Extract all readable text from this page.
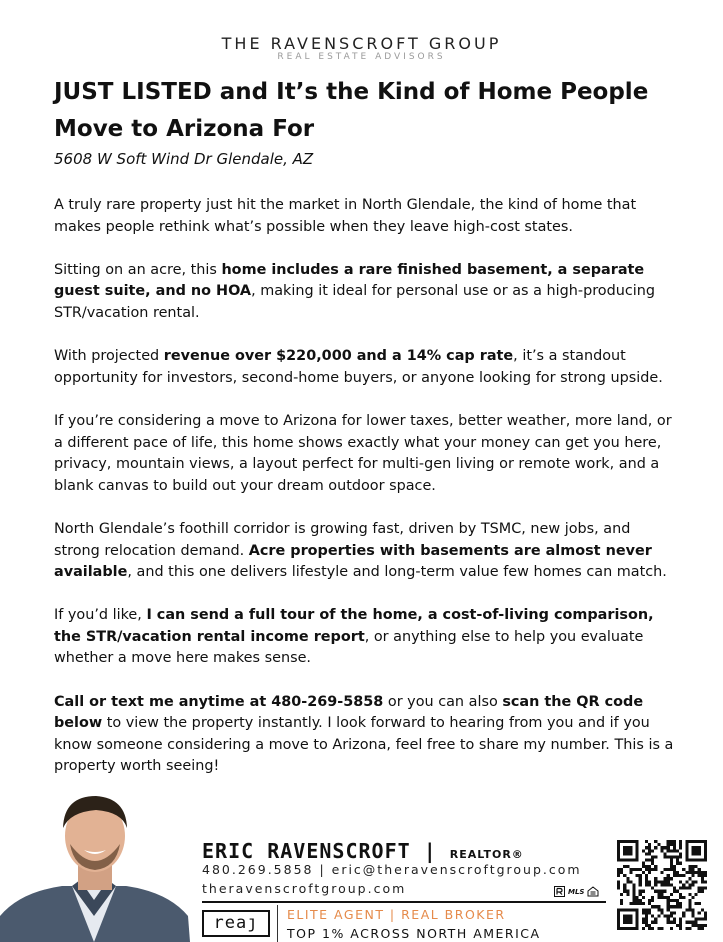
THE RAVENSCROFT GROUP
REAL ESTATE ADVISORS
JUST LISTED and It’s the Kind of Home People Move to Arizona For
5608 W Soft Wind Dr Glendale, AZ

A truly rare property just hit the market in North Glendale, the kind of home that makes people rethink what’s possible when they leave high-cost states.

Sitting on an acre, this home includes a rare finished basement, a separate guest suite, and no HOA, making it ideal for personal use or as a high-producing STR/vacation rental.

With projected revenue over $220,000 and a 14% cap rate, it’s a standout opportunity for investors, second-home buyers, or anyone looking for strong upside.

If you’re considering a move to Arizona for lower taxes, better weather, more land, or a different pace of life, this home shows exactly what your money can get you here, privacy, mountain views, a layout perfect for multi-gen living or remote work, and a blank canvas to build out your dream outdoor space.

North Glendale’s foothill corridor is growing fast, driven by TSMC, new jobs, and strong relocation demand. Acre properties with basements are almost never available, and this one delivers lifestyle and long-term value few homes can match.

If you’d like, I can send a full tour of the home, a cost-of-living comparison, the STR/vacation rental income report, or anything else to help you evaluate whether a move here makes sense.

Call or text me anytime at 480-269-5858 or you can also scan the QR code below to view the property instantly. I look forward to hearing from you and if you know someone considering a move to Arizona, feel free to share my number. This is a property worth seeing!

ERIC RAVENSCROFT | REALTOR®
480.269.5858 | eric@theravenscroftgroup.com
theravenscroftgroup.com	MLS
reaȷ	ELITE AGENT | REAL BROKER
TOP 1% ACROSS NORTH AMERICA
